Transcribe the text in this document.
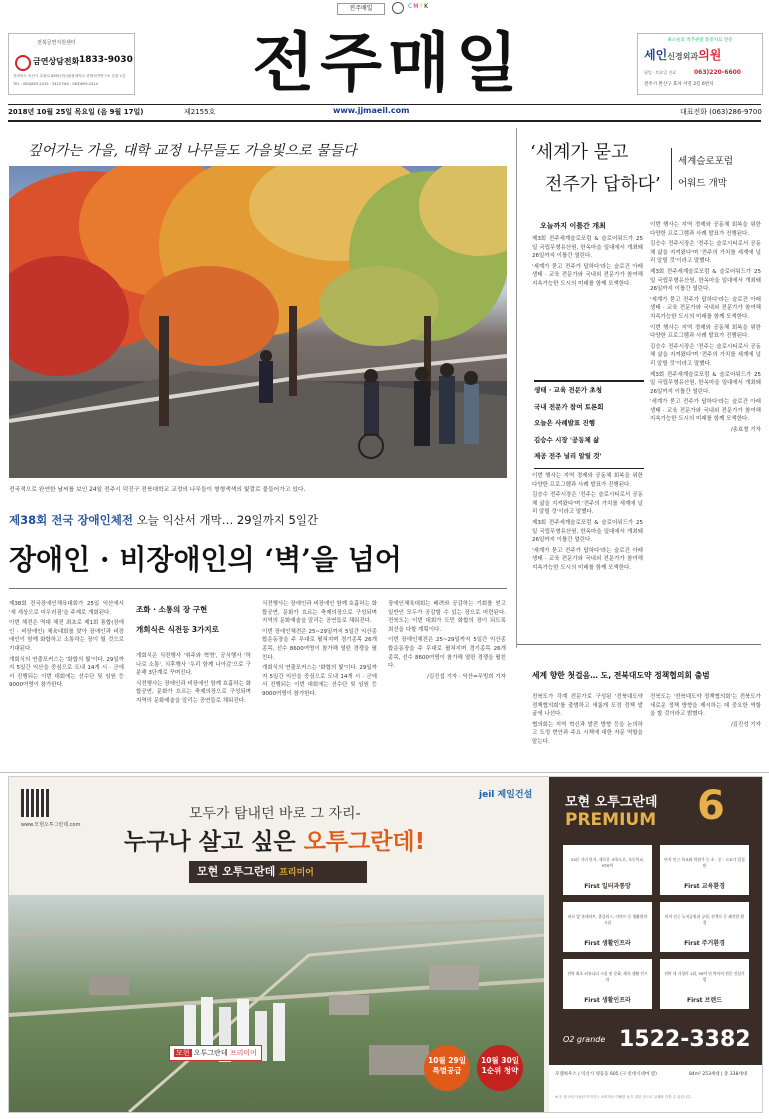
전주매일	CMYK
전북금연지원센터
금연상담전화 1833-9030
전라북도 익산시 무왕로 895(신동)원광대학교 종합의학연구소 본관 1층
TEL : 063)859-2419 · 2410 FAX : 063)859-2414	전주매일	최소술의 척추관절 통증치료 전문
세인신경외과의원
평일 · 토요일 진료	063)220-6600
전주시 완산구 효자 서연 2길 6번지
2018년 10월 25일 목요일 (음 9월 17일)	제2155호	www.jjmaeil.com	대표전화 (063)286-9700
깊어가는 가을, 대학 교정 나무들도 가을빛으로 물들다
전국적으로 완연한 날씨를 보인 24일 전주시 덕진구 전북대학교 교정의 나무들이 형형색색의 빛깔로 물들어가고 있다.
‘세계가 묻고
전주가 답하다’
세계슬로포럼
어워드 개막
오늘까지 이틀간 개최

제3회 전주세계슬로포럼 & 슬로어워드가 25일 국립무형유산원, 한옥마을 일대에서 개최돼 26일까지 이틀간 열린다.

'세계가 묻고 전주가 답하다'라는 슬로건 아래 생태 · 교육 전문가와 국내외 전문가가 참여해 지속가능한 도시의 미래를 함께 모색한다.

이번 행사는 지역 경제와 공동체 회복을 위한 다양한 프로그램과 사례 발표가 진행된다.

김승수 전주시장은 '전주는 슬로시티로서 공동체 삶을 지켜왔다'며 '전주의 가치를 세계에 널리 알릴 것'이라고 말했다.

제3회 전주세계슬로포럼 & 슬로어워드가 25일 국립무형유산원, 한옥마을 일대에서 개최돼 26일까지 이틀간 열린다.

'세계가 묻고 전주가 답하다'라는 슬로건 아래 생태 · 교육 전문가와 국내외 전문가가 참여해 지속가능한 도시의 미래를 함께 모색한다.

이번 행사는 지역 경제와 공동체 회복을 위한 다양한 프로그램과 사례 발표가 진행된다.

김승수 전주시장은 '전주는 슬로시티로서 공동체 삶을 지켜왔다'며 '전주의 가치를 세계에 널리 알릴 것'이라고 말했다.

제3회 전주세계슬로포럼 & 슬로어워드가 25일 국립무형유산원, 한옥마을 일대에서 개최돼 26일까지 이틀간 열린다.

'세계가 묻고 전주가 답하다'라는 슬로건 아래 생태 · 교육 전문가와 국내외 전문가가 참여해 지속가능한 도시의 미래를 함께 모색한다.

/송효철 기자

생태 · 교육 전문가 초청
국내 전문가 참여 토론회
오늘은 사례발표 진행
김승수 시장 '공동체 삶
제공 전주 널리 알릴 것'

이번 행사는 지역 경제와 공동체 회복을 위한 다양한 프로그램과 사례 발표가 진행된다.

김승수 전주시장은 '전주는 슬로시티로서 공동체 삶을 지켜왔다'며 '전주의 가치를 세계에 널리 알릴 것'이라고 말했다.

제3회 전주세계슬로포럼 & 슬로어워드가 25일 국립무형유산원, 한옥마을 일대에서 개최돼 26일까지 이틀간 열린다.

'세계가 묻고 전주가 답하다'라는 슬로건 아래 생태 · 교육 전문가와 국내외 전문가가 참여해 지속가능한 도시의 미래를 함께 모색한다.

제38회 전국 장애인체전 오늘 익산서 개막… 29일까지 5일간
장애인 · 비장애인의 ‘벽’을 넘어

제38회 전국장애인체육대회가 25일 익산에서 '새 세상으로 어우러짐'을 주제로 개회된다.

이번 체전은 역대 체전 최초로 제1회 통합(장애인 · 비장애인) 체육대회를 맞아 장애인과 비장애인이 함께 화합하고 소통하는 장이 될 것으로 기대된다.

개회식의 연출포커스는 '화합의 빛'이다. 29일까지 5일간 익산을 중심으로 도내 14개 시 · 군에서 진행되는 이번 대회에는 선수단 및 임원 등 9000여명이 참가한다.

조화 · 소통의 장 구현
개회식은 식전등 3가지로

개회식은 식전행사 '취주와 혁명', 공식행사 '하나로 소통', 식후행사 '우리 함께 나아감'으로 구분해 3단계로 꾸며진다.

식전행사는 장애인과 비장애인 함께 호흡하는 화합공연, 문화가 흐르는 축제의장으로 구성되며 지역의 문화예술을 알리는 공연들로 채워진다.

식전행사는 장애인과 비장애인 함께 호흡하는 화합공연, 문화가 흐르는 축제의장으로 구성되며 지역의 문화예술을 알리는 공연들로 채워진다.

이번 장애인체전은 25~29일까지 5일간 익산종합운동장을 주 무대로 펼쳐지며 경기종목 26개 종목, 선수 8600여명이 참가해 열띤 경쟁을 펼친다.

개회식의 연출포커스는 '화합의 빛'이다. 29일까지 5일간 익산을 중심으로 도내 14개 시 · 군에서 진행되는 이번 대회에는 선수단 및 임원 등 9000여명이 참가한다.

장애인체육대회는 배려와 공감하는 기회를 얻고 일반인 모두가 공감할 수 있는 장으로 마련된다. 전북도는 이번 대회가 도민 화합의 장이 되도록 최선을 다할 계획이다.

이번 장애인체전은 25~29일까지 5일간 익산종합운동장을 주 무대로 펼쳐지며 경기종목 26개 종목, 선수 8600여명이 참가해 열띤 경쟁을 펼친다.

/김진섭 기자 · 익산=무빙희 기자	세계 향한 첫걸음… 도, 전북대도약 정책협의회 출범

전북도가 각계 전문가로 구성된 '전북대도약 정책협의회'를 출범하고 새롭게 도정 정책 발굴에 나선다.

협의회는 지역 혁신과 발전 방향 등을 논의하고 도정 현안과 주요 시책에 대한 자문 역할을 맡는다.

전북도는 '전북대도약 정책협의회'는 전북도가 새로운 정책 방향을 제시하는 데 중요한 역할을 할 것이라고 밝혔다.

/김진성 기자

www.모현오투그란데.com
jeil 제일건설
모두가 탐내던 바로 그 자리-
누구나 살고 싶은 오투그란데!
모현 오투그란데 프리미어
모현 오투그란데 프리미어
10월 29일
특별공급
10월 30일
1순위 청약
모현 오투그란데
PREMIUM 6
25분 거리 단지, 새로운 교육도로, 초등학교, KTX역
First 일터과통망
단지 인근 학교와 학원가 등 초 · 중 · 고교가 밀집된
First 교육환경
바로 앞 롯데마트, 홈플러스, 이마트 등 생활편의시설
First 생활인프라
단지 인근 녹지공원과 공원, 산책로 등 쾌적한 환경
First 주거환경
전북 최초 커뮤니티 시설 및 문화, 레저 생활 인프라
First 생활인프라
전북 내 가성비 1위, 30여 년 역사의 전문 건설기업
First 브랜드
O2 grande 1522-3382
모델하우스 | 익산시 영등동 605 (구 롯데시네마 옆)	84m² 253세대 | 총 338세대
※ 본 광고에 사용된 이미지는 소비자의 이해를 돕기 위한 것으로 실제와 다를 수 있습니다.
